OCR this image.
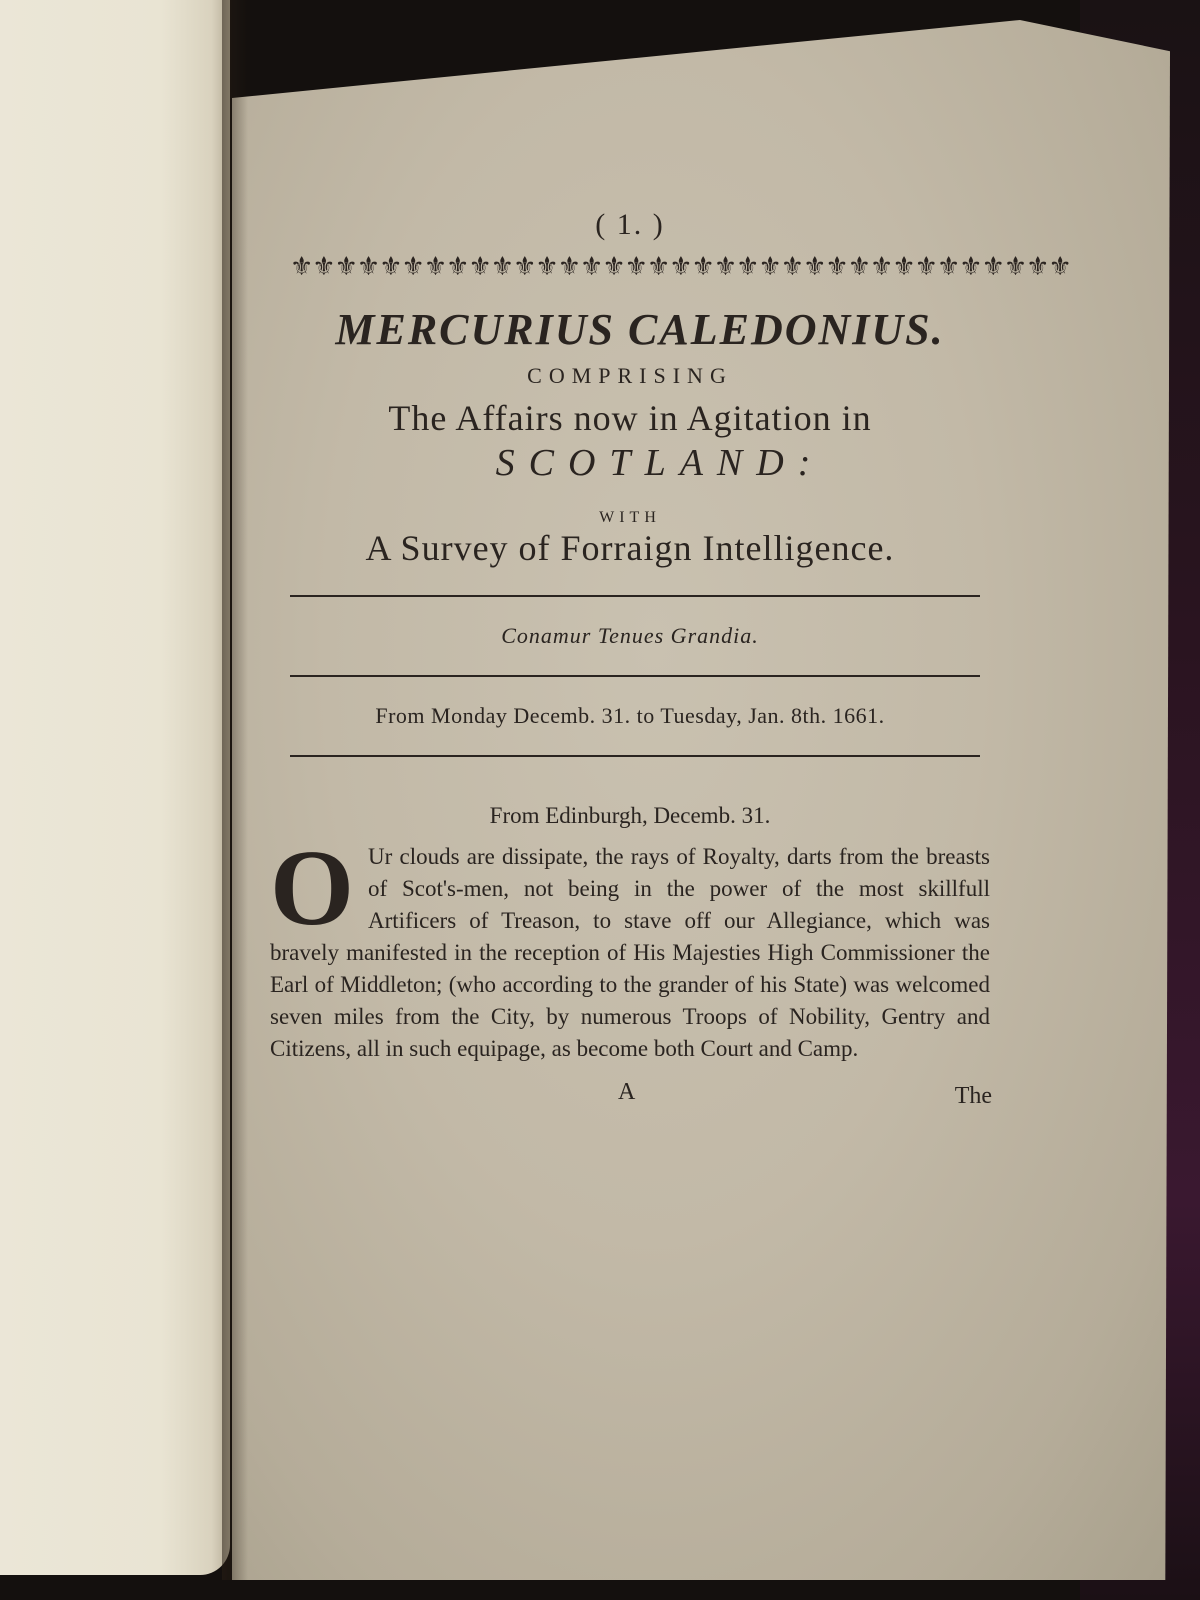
( 1. )
⚜⚜⚜⚜⚜⚜⚜⚜⚜⚜⚜⚜⚜⚜⚜⚜⚜⚜⚜⚜⚜⚜⚜⚜⚜⚜⚜⚜⚜⚜⚜⚜⚜⚜⚜
MERCURIUS CALEDONIUS.
COMPRISING
The Affairs now in Agitation in
SCOTLAND:
WITH
A Survey of Forraign Intelligence.
Conamur Tenues Grandia.
From Monday Decemb. 31. to Tuesday, Jan. 8th. 1661.
From Edinburgh, Decemb. 31.
O Ur clouds are dissipate, the rays of Royalty, darts from the breasts of Scot's-men, not being in the power of the most skillfull Artificers of Treason, to stave off our Allegiance, which was bravely manifested in the reception of His Majesties High Commissioner the Earl of Middleton; (who according to the grander of his State) was welcomed seven miles from the City, by numerous Troops of Nobility, Gentry and Citizens, all in such equipage, as become both Court and Camp.
A	The
